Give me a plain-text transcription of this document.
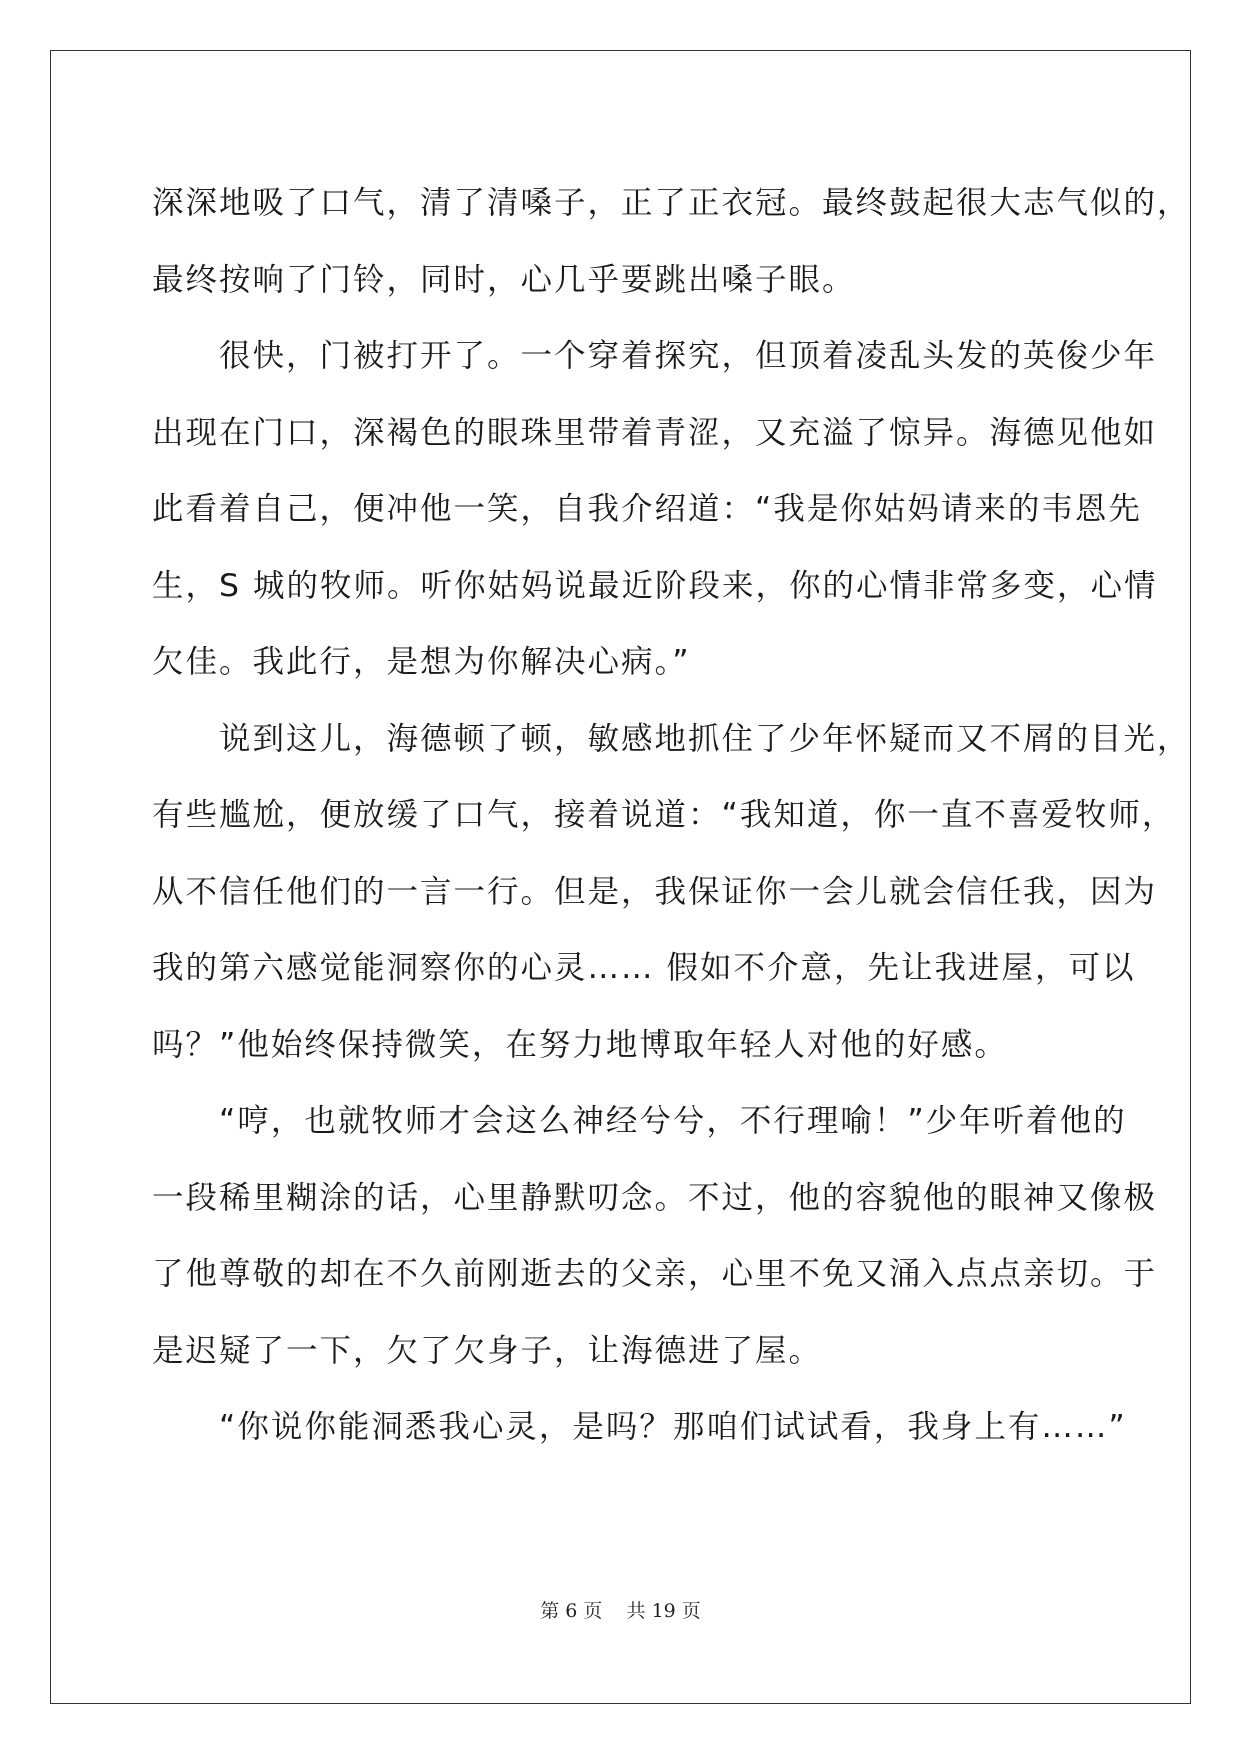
深深地吸了口气，清了清嗓子，正了正衣冠。最终鼓起很大志气似的，
最终按响了门铃，同时，心几乎要跳出嗓子眼。
　　很快，门被打开了。一个穿着探究，但顶着凌乱头发的英俊少年
出现在门口，深褐色的眼珠里带着青涩，又充溢了惊异。海德见他如
此看着自己，便冲他一笑，自我介绍道：“我是你姑妈请来的韦恩先
生，S 城的牧师。听你姑妈说最近阶段来，你的心情非常多变，心情
欠佳。我此行，是想为你解决心病。”
　　说到这儿，海德顿了顿，敏感地抓住了少年怀疑而又不屑的目光，
有些尴尬，便放缓了口气，接着说道：“我知道，你一直不喜爱牧师，
从不信任他们的一言一行。但是，我保证你一会儿就会信任我，因为
我的第六感觉能洞察你的心灵…… 假如不介意，先让我进屋，可以
吗？”他始终保持微笑，在努力地博取年轻人对他的好感。
　　“哼，也就牧师才会这么神经兮兮，不行理喻！”少年听着他的
一段稀里糊涂的话，心里静默叨念。不过，他的容貌他的眼神又像极
了他尊敬的却在不久前刚逝去的父亲，心里不免又涌入点点亲切。于
是迟疑了一下，欠了欠身子，让海德进了屋。
　　“你说你能洞悉我心灵，是吗？那咱们试试看，我身上有……”
第 6 页 共 19 页
